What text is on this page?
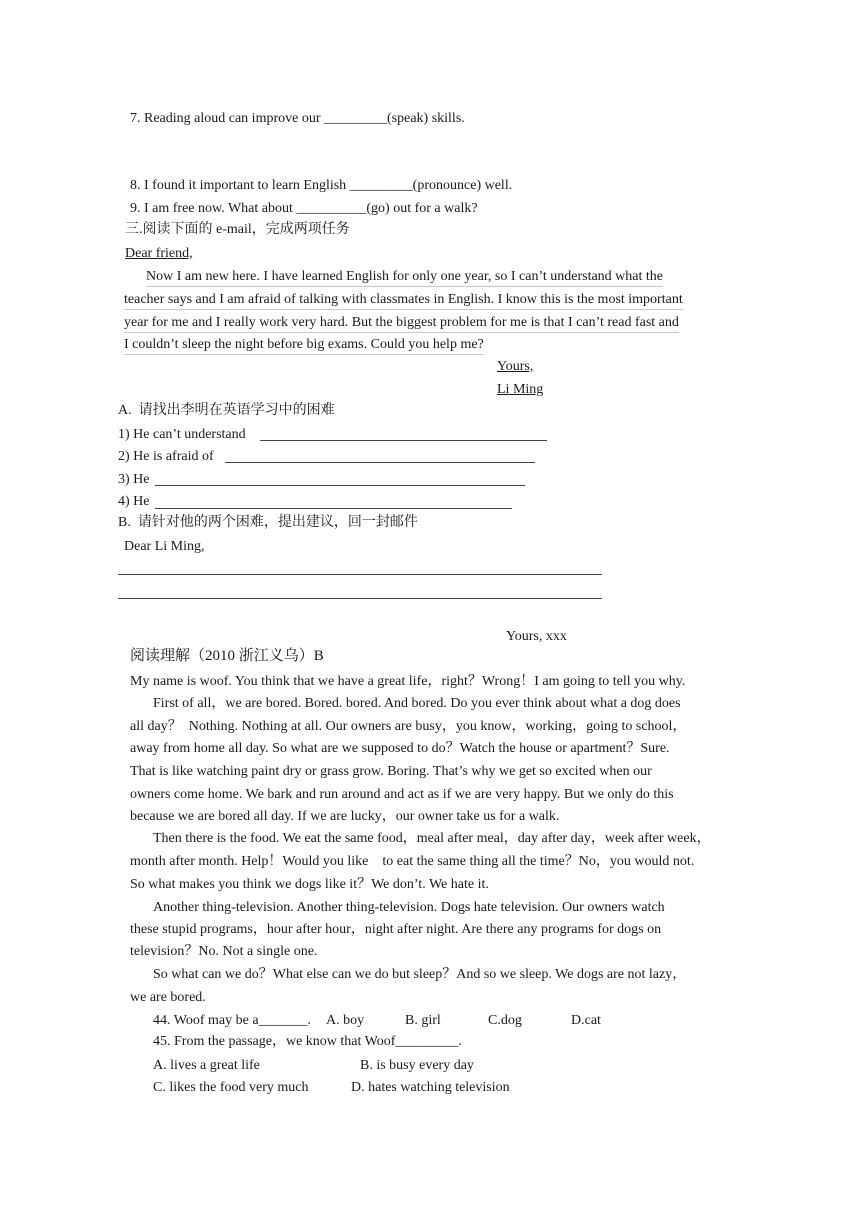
7. Reading aloud can improve our _________(speak) skills.
8. I found it important to learn English _________(pronounce) well.
9. I am free now. What about __________(go) out for a walk?
三.阅读下面的 e-mail，完成两项任务
Dear friend,
Now I am new here. I have learned English for only one year, so I can’t understand what the
teacher says and I am afraid of talking with classmates in English. I know this is the most important
year for me and I really work very hard. But the biggest problem for me is that I can’t read fast and
I couldn’t sleep the night before big exams. Could you help me?
Yours,
Li Ming
A.  请找出李明在英语学习中的困难
1) He can’t understand
2) He is afraid of
3) He
4) He
B.  请针对他的两个困难，提出建议，回一封邮件
Dear Li Ming,
Yours, xxx
阅读理解（2010 浙江义乌）B
My name is woof. You think that we have a great life，right？Wrong！I am going to tell you why.
First of all，we are bored. Bored. bored. And bored. Do you ever think about what a dog does
all day？  Nothing. Nothing at all. Our owners are busy，you know，working，going to school，
away from home all day. So what are we supposed to do？Watch the house or apartment？Sure.
That is like watching paint dry or grass grow. Boring. That’s why we get so excited when our
owners come home. We bark and run around and act as if we are very happy. But we only do this
because we are bored all day. If we are lucky，our owner take us for a walk.
Then there is the food. We eat the same food，meal after meal，day after day，week after week，
month after month. Help！Would you like    to eat the same thing all the time？No，you would not.
So what makes you think we dogs like it？We don’t. We hate it.
Another thing-television. Another thing-television. Dogs hate television. Our owners watch
these stupid programs，hour after hour，night after night. Are there any programs for dogs on
television？No. Not a single one.
So what can we do？What else can we do but sleep？And so we sleep. We dogs are not lazy，
we are bored.
44. Woof may be a_______. A. boy	B. girl	C.dog	D.cat
45. From the passage，we know that Woof_________.
A. lives a great life	B. is busy every day
C. likes the food very much	D. hates watching television
